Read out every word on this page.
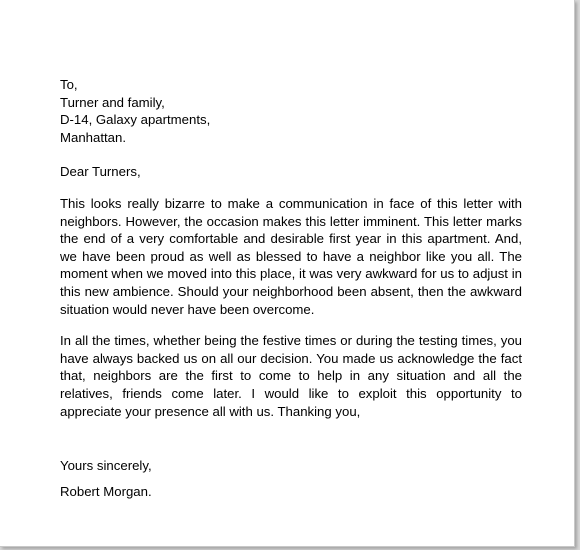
To,
Turner and family,
D-14, Galaxy apartments,
Manhattan.
Dear Turners,
This looks really bizarre to make a communication in face of this letter with neighbors. However, the occasion makes this letter imminent. This letter marks the end of a very comfortable and desirable first year in this apartment. And, we have been proud as well as blessed to have a neighbor like you all. The moment when we moved into this place, it was very awkward for us to adjust in this new ambience. Should your neighborhood been absent, then the awkward situation would never have been overcome.
In all the times, whether being the festive times or during the testing times, you have always backed us on all our decision. You made us acknowledge the fact that, neighbors are the first to come to help in any situation and all the relatives, friends come later. I would like to exploit this opportunity to appreciate your presence all with us. Thanking you,
Yours sincerely,
Robert Morgan.
